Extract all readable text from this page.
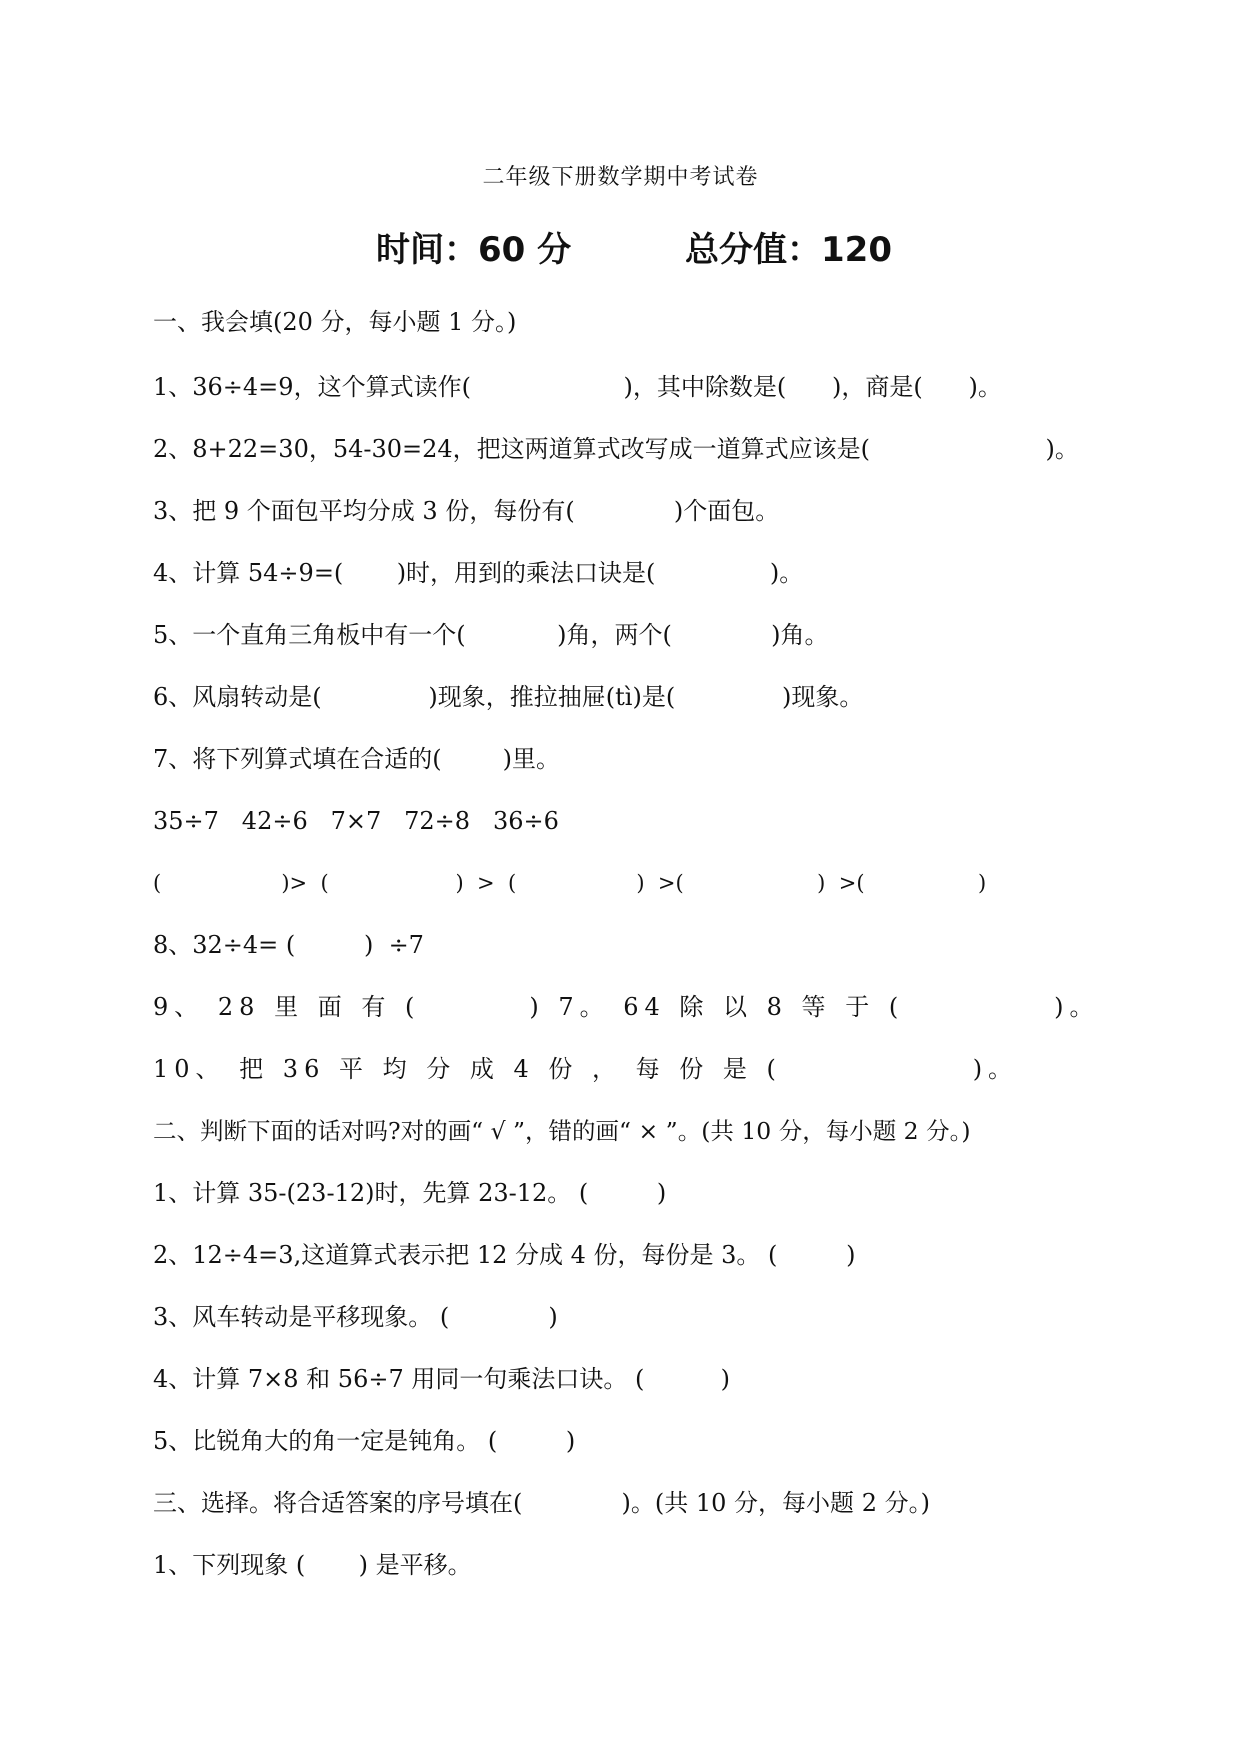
二年级下册数学期中考试卷
时间：60 分	总分值：120
一、我会填(20 分，每小题 1 分。)
1、36÷4=9，这个算式读作(                    )，其中除数是(      )，商是(      )。
2、8+22=30，54-30=24，把这两道算式改写成一道算式应该是(                       )。
3、把 9 个面包平均分成 3 份，每份有(             )个面包。
4、计算 54÷9=(       )时，用到的乘法口诀是(               )。
5、一个直角三角板中有一个(            )角，两个(             )角。
6、风扇转动是(              )现象，推拉抽屉(tì)是(              )现象。
7、将下列算式填在合适的(        )里。
35÷7   42÷6   7×7   72÷8   36÷6
(                  )>  (                   )  >  (                  )  >(                    )  >(                 )
8、32÷4= (         )  ÷7
9、 28 里 面 有 (        ) 7。 64 除 以 8 等 于 (           )。
10、 把 36 平 均 分 成 4 份 ， 每 份 是 (              )。
二、判断下面的话对吗?对的画“ √ ”，错的画“ × ”。(共 10 分，每小题 2 分。)
1、计算 35-(23-12)时，先算 23-12。 (         )
2、12÷4=3,这道算式表示把 12 分成 4 份，每份是 3。 (         )
3、风车转动是平移现象。 (             )
4、计算 7×8 和 56÷7 用同一句乘法口诀。 (          )
5、比锐角大的角一定是钝角。 (         )
三、选择。将合适答案的序号填在(             )。(共 10 分，每小题 2 分。)
1、下列现象 (       ) 是平移。
